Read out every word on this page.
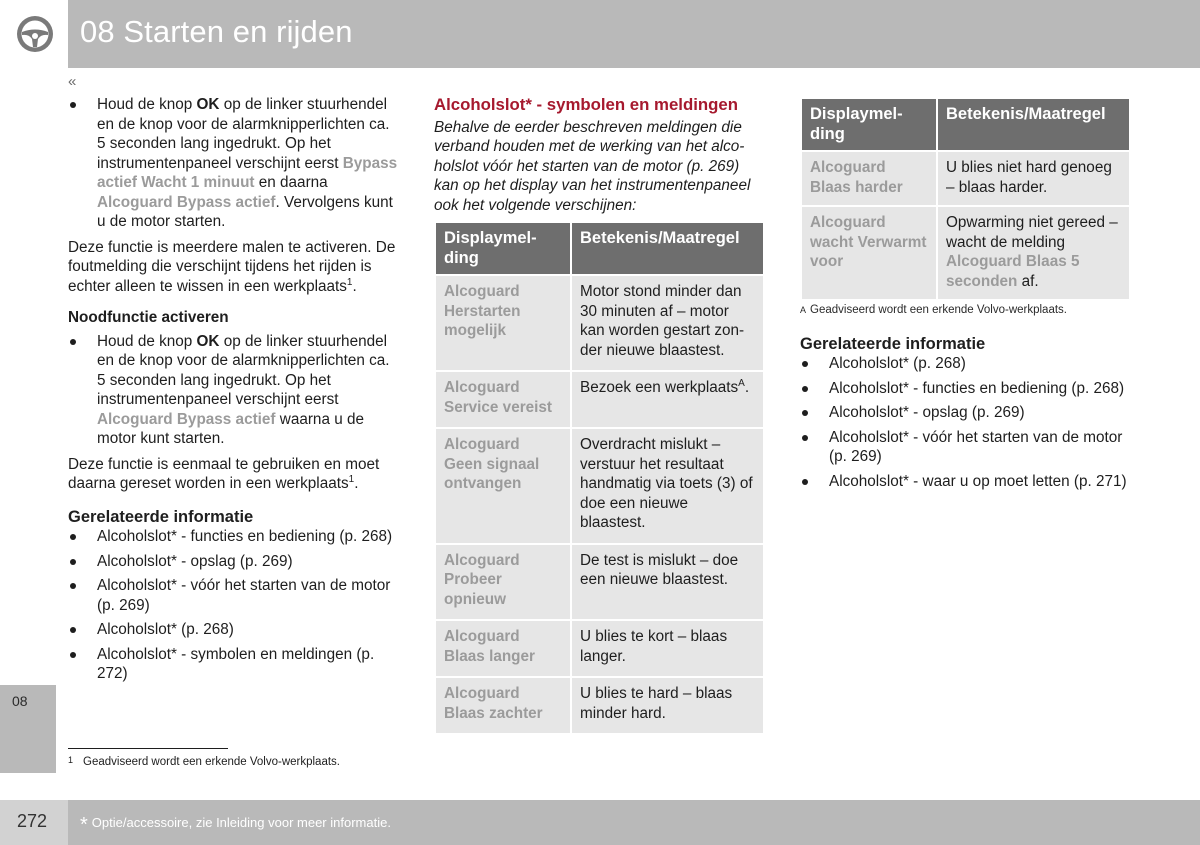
08 Starten en rijden
«
08
Houd de knop OK op de linker stuurhendel en de knop voor de alarmknipperlichten ca. 5 seconden lang ingedrukt. Op het instrumentenpaneel verschijnt eerst Bypass actief Wacht 1 minuut en daarna Alcoguard Bypass actief. Vervolgens kunt u de motor starten.

Deze functie is meerdere malen te activeren. De foutmelding die verschijnt tijdens het rijden is echter alleen te wissen in een werkplaats$^1$.

Noodfunctie activeren
Houd de knop OK op de linker stuurhendel en de knop voor de alarmknipperlichten ca. 5 seconden lang ingedrukt. Op het instrumentenpaneel verschijnt eerst Alcoguard Bypass actief waarna u de motor kunt starten.

Deze functie is eenmaal te gebruiken en moet daarna gereset worden in een werkplaats$^1$.

Gerelateerde informatie
Alcoholslot* - functies en bediening (p. 268)
Alcoholslot* - opslag (p. 269)
Alcoholslot* - vóór het starten van de motor (p. 269)
Alcoholslot* (p. 268)
Alcoholslot* - symbolen en meldingen (p. 272)
Alcoholslot* - symbolen en meldingen

Behalve de eerder beschreven meldingen die verband houden met de werking van het alcoholslot vóór het starten van de motor (p. 269) kan op het display van het instrumentenpaneel ook het volgende verschijnen:

Displaymelding	Betekenis/Maatregel
Alcoguard Herstarten mogelijk	Motor stond minder dan 30 minuten af – motor kan worden gestart zonder nieuwe blaastest.
Alcoguard Service vereist	Bezoek een werkplaats$^A$.
Alcoguard Geen signaal ontvangen	Overdracht mislukt – verstuur het resultaat handmatig via toets (3) of doe een nieuwe blaastest.
Alcoguard Probeer opnieuw	De test is mislukt – doe een nieuwe blaastest.
Alcoguard Blaas langer	U blies te kort – blaas langer.
Alcoguard Blaas zachter	U blies te hard – blaas minder hard.
Displaymelding	Betekenis/Maatregel
Alcoguard Blaas harder	U blies niet hard genoeg – blaas harder.
Alcoguard wacht Verwarmt voor	Opwarming niet gereed – wacht de melding Alcoguard Blaas 5 seconden af.

A Geadviseerd wordt een erkende Volvo-werkplaats.

Gerelateerde informatie
Alcoholslot* (p. 268)
Alcoholslot* - functies en bediening (p. 268)
Alcoholslot* - opslag (p. 269)
Alcoholslot* - vóór het starten van de motor (p. 269)
Alcoholslot* - waar u op moet letten (p. 271)
1 Geadviseerd wordt een erkende Volvo-werkplaats.
272 * Optie/accessoire, zie Inleiding voor meer informatie.
